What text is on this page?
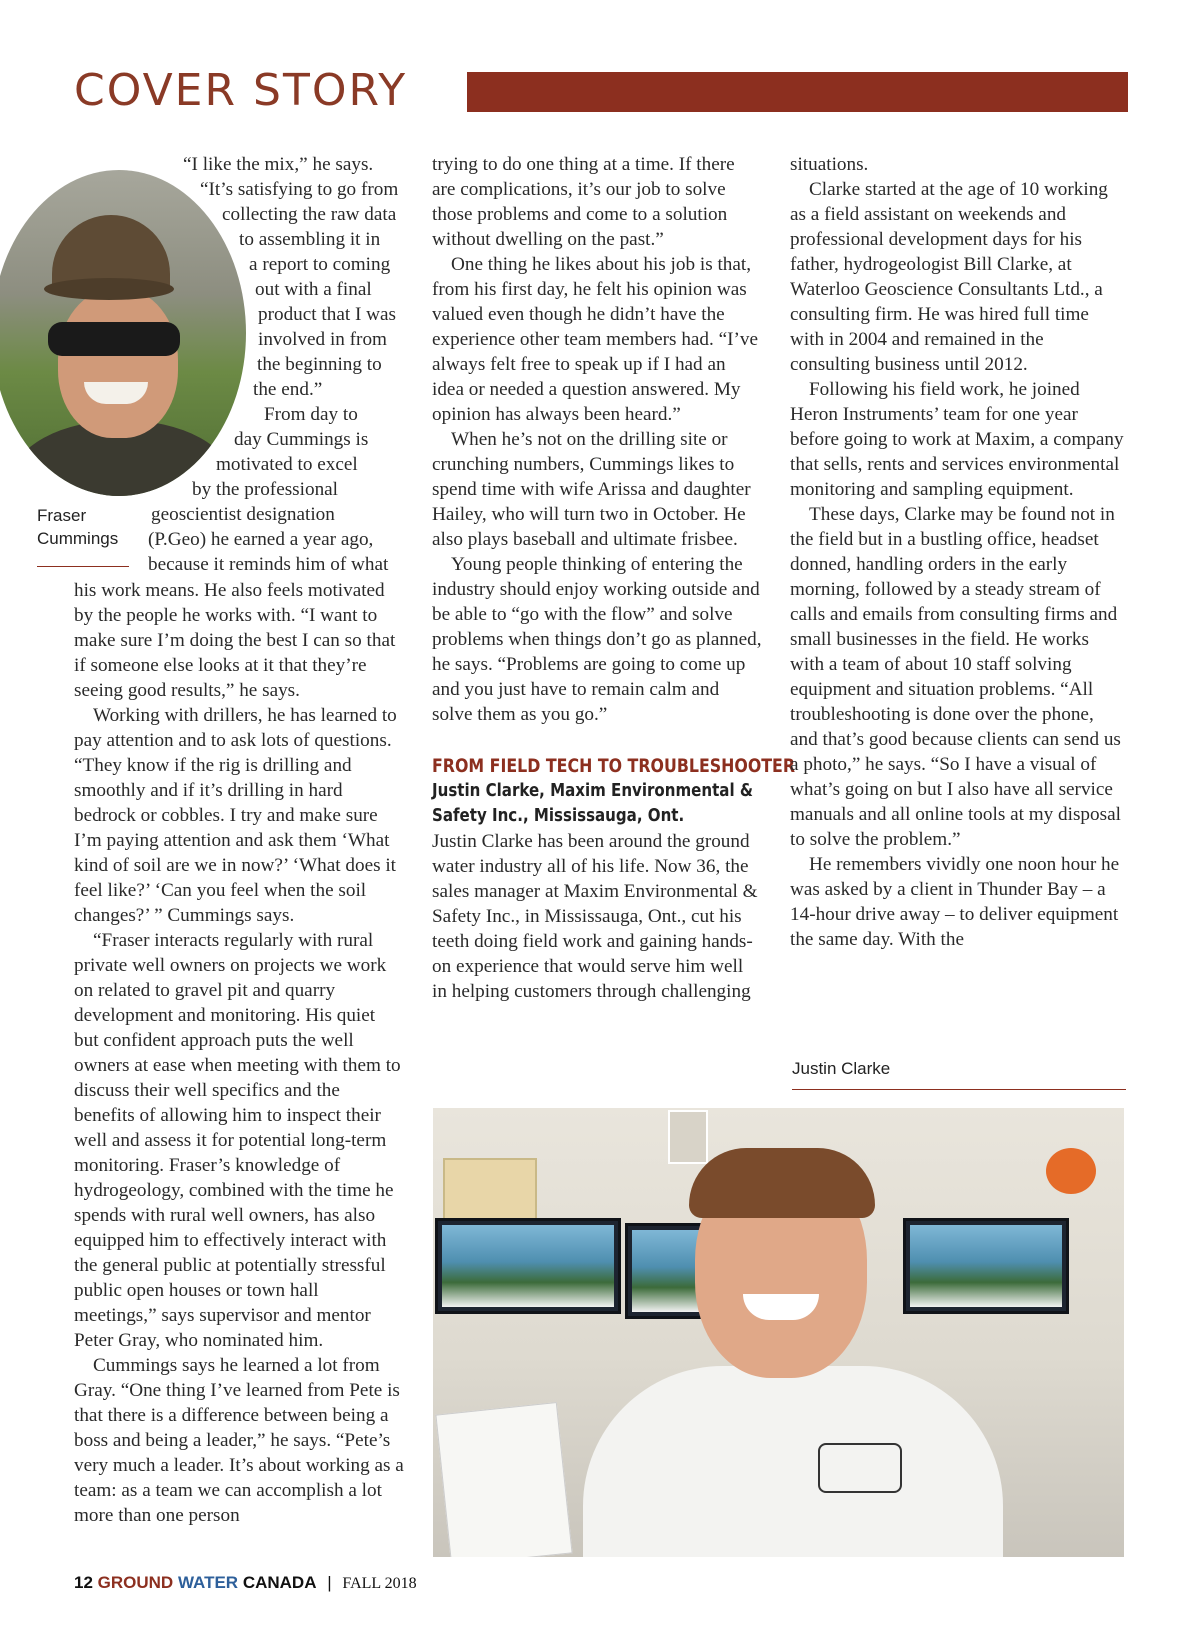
COVER STORY
Fraser
Cummings
“I like the mix,” he says.
“It’s satisfying to go from
collecting the raw data
to assembling it in
a report to coming
out with a final
product that I was
involved in from
the beginning to
the end.”
From day to
day Cummings is
motivated to excel
by the professional
geoscientist designation
(P.Geo) he earned a year ago,
because it reminds him of what

his work means. He also feels motivated by the people he works with. “I want to make sure I’m doing the best I can so that if someone else looks at it that they’re seeing good results,” he says.

Working with drillers, he has learned to pay attention and to ask lots of questions. “They know if the rig is drilling and smoothly and if it’s drilling in hard bedrock or cobbles. I try and make sure I’m paying attention and ask them ‘What kind of soil are we in now?’ ‘What does it feel like?’ ‘Can you feel when the soil changes?’ ” Cummings says.

“Fraser interacts regularly with rural private well owners on projects we work on related to gravel pit and quarry development and monitoring. His quiet but confident approach puts the well owners at ease when meeting with them to discuss their well specifics and the benefits of allowing him to inspect their well and assess it for potential long-term monitoring. Fraser’s knowledge of hydrogeology, combined with the time he spends with rural well owners, has also equipped him to effectively interact with the general public at potentially stressful public open houses or town hall meetings,” says supervisor and mentor Peter Gray, who nominated him.

Cummings says he learned a lot from Gray. “One thing I’ve learned from Pete is that there is a difference between being a boss and being a leader,” he says. “Pete’s very much a leader. It’s about working as a team: as a team we can accomplish a lot more than one person

trying to do one thing at a time. If there are complications, it’s our job to solve those problems and come to a solution without dwelling on the past.”

One thing he likes about his job is that, from his first day, he felt his opinion was valued even though he didn’t have the experience other team members had. “I’ve always felt free to speak up if I had an idea or needed a question answered. My opinion has always been heard.”

When he’s not on the drilling site or crunching numbers, Cummings likes to spend time with wife Arissa and daughter Hailey, who will turn two in October. He also plays baseball and ultimate frisbee.

Young people thinking of entering the industry should enjoy working outside and be able to “go with the flow” and solve problems when things don’t go as planned, he says. “Problems are going to come up and you just have to remain calm and solve them as you go.”

FROM FIELD TECH TO TROUBLESHOOTER
Justin Clarke, Maxim Environmental & Safety Inc., Mississauga, Ont.

Justin Clarke has been around the ground water industry all of his life. Now 36, the sales manager at Maxim Environmental & Safety Inc., in Mississauga, Ont., cut his teeth doing field work and gaining hands-on experience that would serve him well in helping customers through challenging

situations.

Clarke started at the age of 10 working as a field assistant on weekends and professional development days for his father, hydrogeologist Bill Clarke, at Waterloo Geoscience Consultants Ltd., a consulting firm. He was hired full time with in 2004 and remained in the consulting business until 2012.

Following his field work, he joined Heron Instruments’ team for one year before going to work at Maxim, a company that sells, rents and services environmental monitoring and sampling equipment.

These days, Clarke may be found not in the field but in a bustling office, headset donned, handling orders in the early morning, followed by a steady stream of calls and emails from consulting firms and small businesses in the field. He works with a team of about 10 staff solving equipment and situation problems. “All troubleshooting is done over the phone, and that’s good because clients can send us a photo,” he says. “So I have a visual of what’s going on but I also have all service manuals and all online tools at my disposal to solve the problem.”

He remembers vividly one noon hour he was asked by a client in Thunder Bay – a 14-hour drive away – to deliver equipment the same day. With the

Justin Clarke
12 GROUND WATER CANADA | FALL 2018
